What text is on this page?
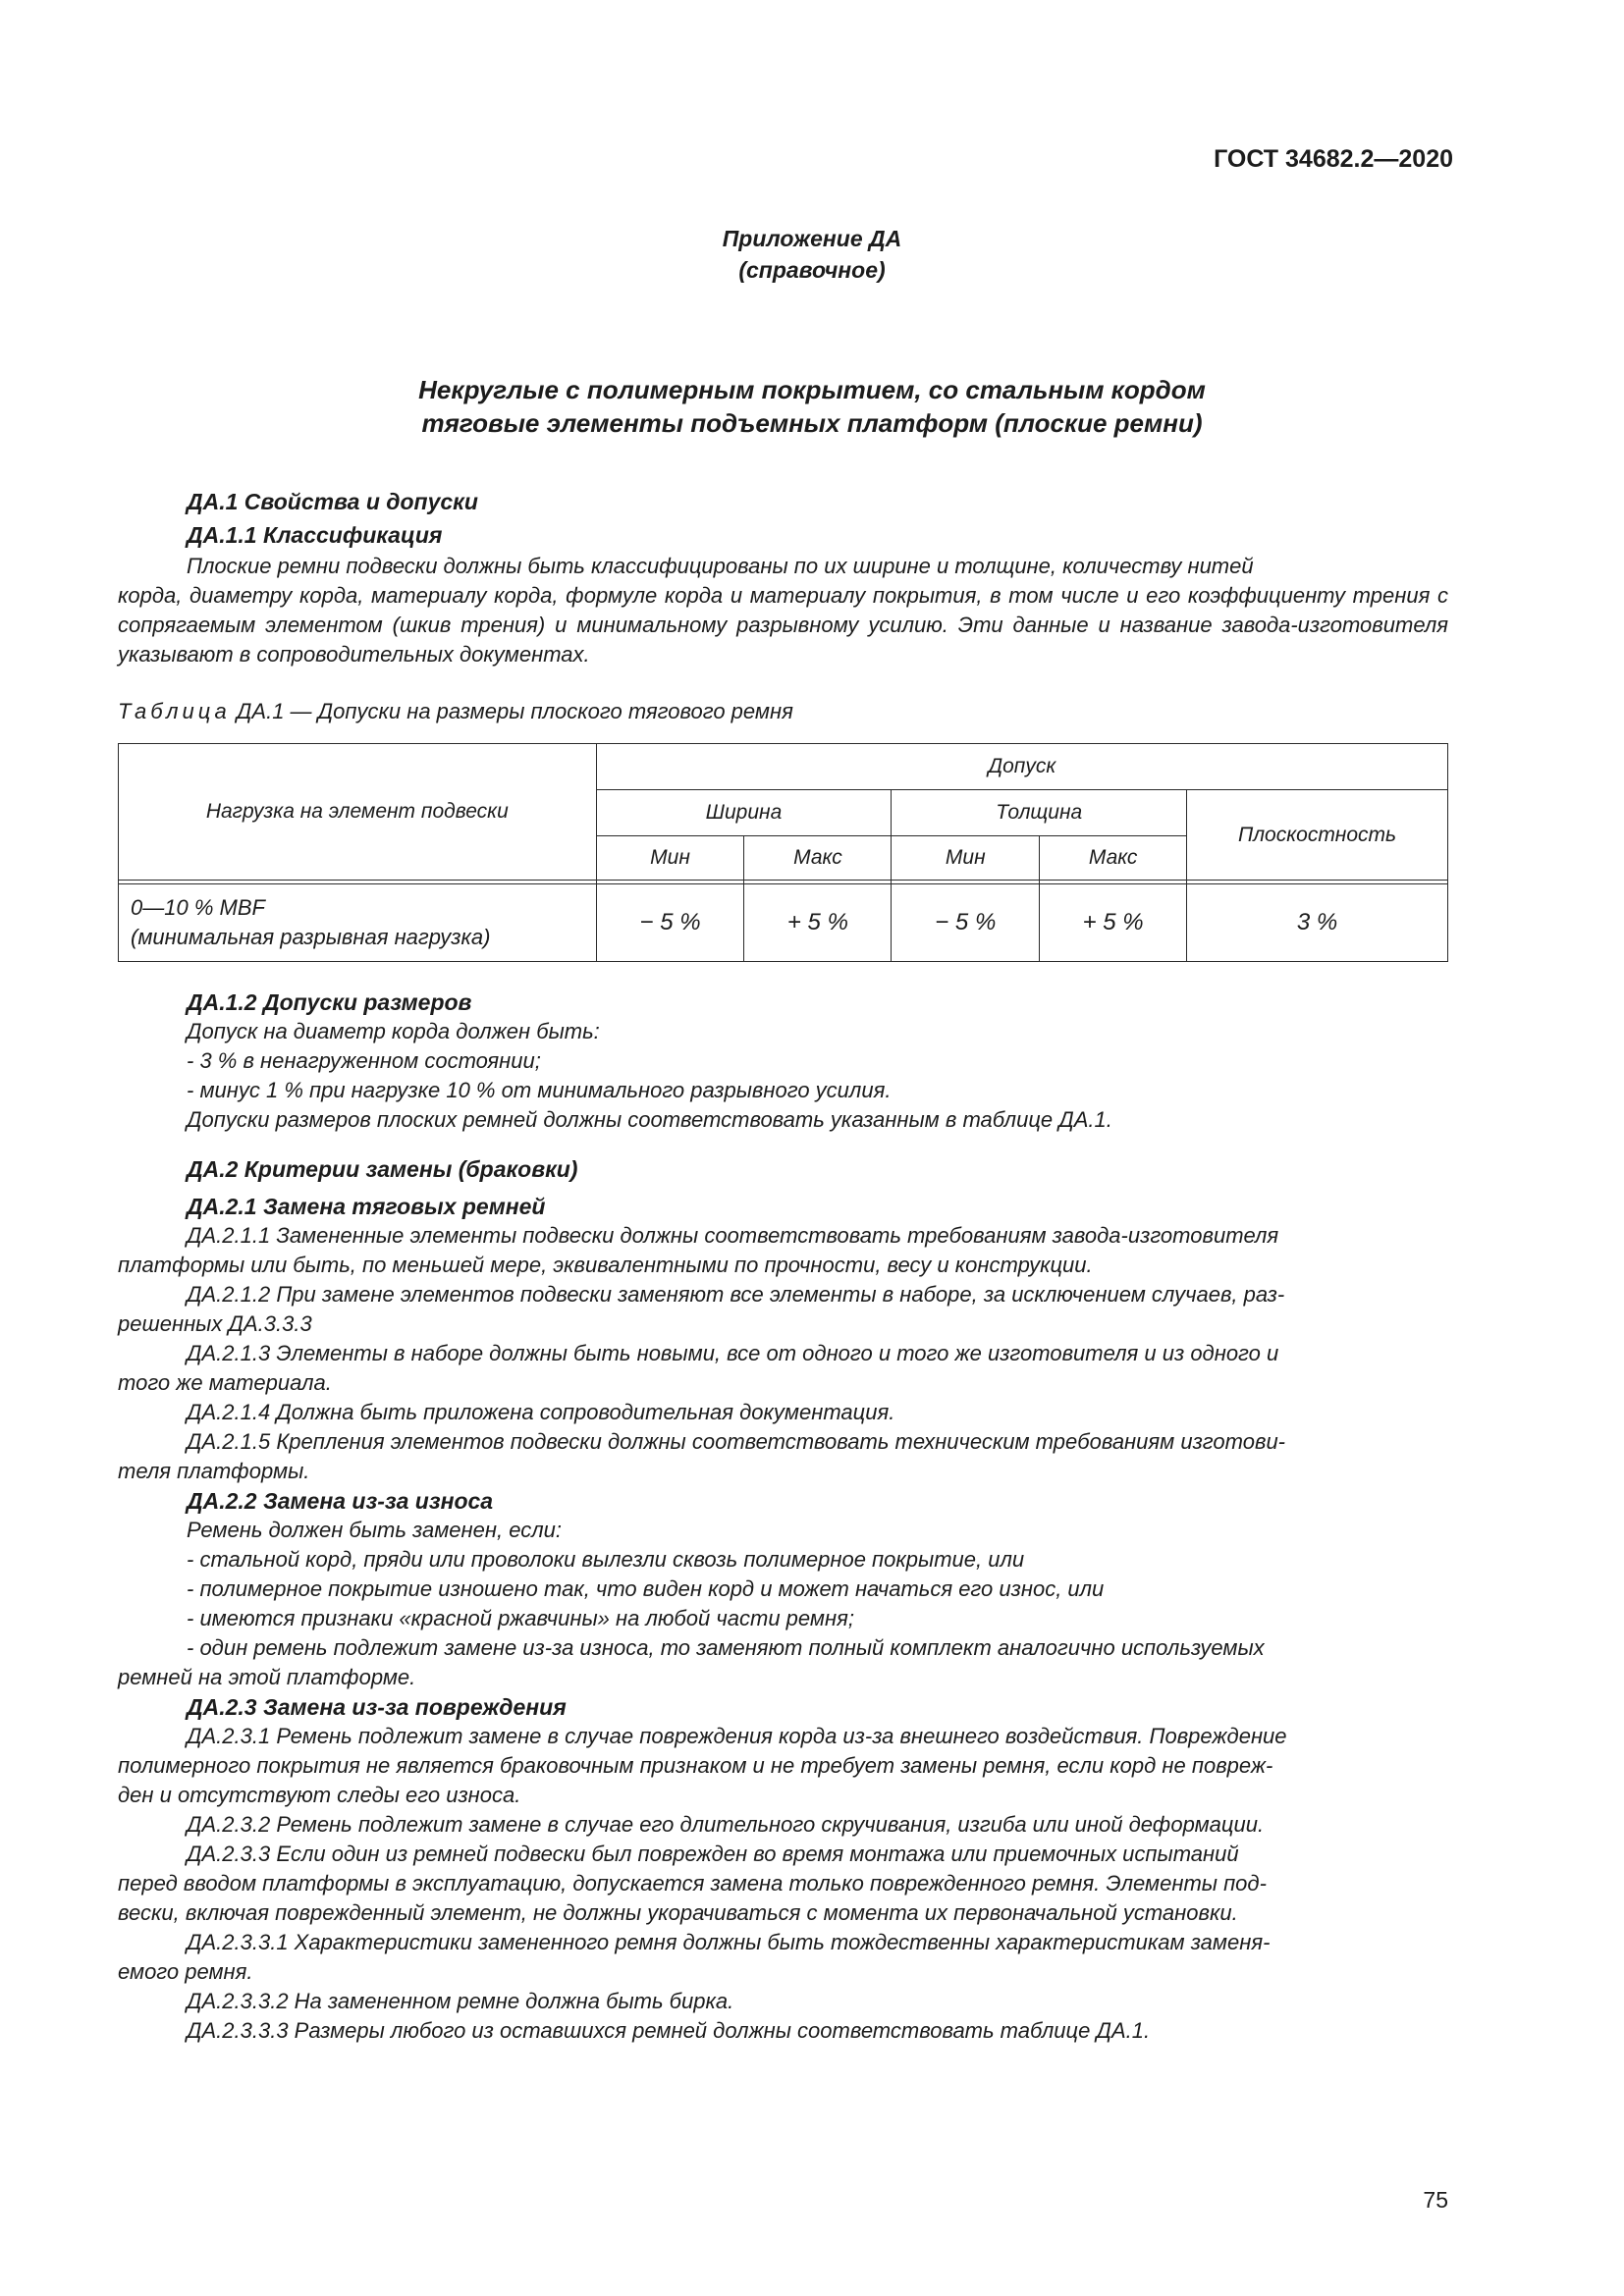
ГОСТ 34682.2—2020
Приложение ДА
(справочное)
Некруглые с полимерным покрытием, со стальным кордом
тяговые элементы подъемных платформ (плоские ремни)
ДА.1 Свойства и допуски
ДА.1.1 Классификация
Плоские ремни подвески должны быть классифицированы по их ширине и толщине, количеству нитей
корда, диаметру корда, материалу корда, формуле корда и материалу покрытия, в том числе и его коэффициенту трения с сопрягаемым элементом (шкив трения) и минимальному разрывному усилию. Эти данные и название завода-изготовителя указывают в сопроводительных документах.
Таблица ДА.1 — Допуски на размеры плоского тягового ремня
Нагрузка на элемент подвески	Допуск				
	Ширина		Толщина		Плоскостность
	Мин	Макс	Мин	Макс	

0—10 % MBF
(минимальная разрывная нагрузка)	− 5 %	+ 5 %	− 5 %	+ 5 %	3 %
ДА.1.2 Допуски размеров
Допуск на диаметр корда должен быть:
- 3 % в ненагруженном состоянии;
- минус 1 % при нагрузке 10 % от минимального разрывного усилия.
Допуски размеров плоских ремней должны соответствовать указанным в таблице ДА.1.
ДА.2 Критерии замены (браковки)
ДА.2.1 Замена тяговых ремней
ДА.2.1.1 Замененные элементы подвески должны соответствовать требованиям завода-изготовителя
платформы или быть, по меньшей мере, эквивалентными по прочности, весу и конструкции.
ДА.2.1.2 При замене элементов подвески заменяют все элементы в наборе, за исключением случаев, раз-
решенных ДА.3.3.3
ДА.2.1.3 Элементы в наборе должны быть новыми, все от одного и того же изготовителя и из одного и
того же материала.
ДА.2.1.4 Должна быть приложена сопроводительная документация.
ДА.2.1.5 Крепления элементов подвески должны соответствовать техническим требованиям изготови-
теля платформы.
ДА.2.2 Замена из-за износа
Ремень должен быть заменен, если:
- стальной корд, пряди или проволоки вылезли сквозь полимерное покрытие, или
- полимерное покрытие изношено так, что виден корд и может начаться его износ, или
- имеются признаки «красной ржавчины» на любой части ремня;
- один ремень подлежит замене из-за износа, то заменяют полный комплект аналогично используемых
ремней на этой платформе.
ДА.2.3 Замена из-за повреждения
ДА.2.3.1 Ремень подлежит замене в случае повреждения корда из-за внешнего воздействия. Повреждение
полимерного покрытия не является браковочным признаком и не требует замены ремня, если корд не повреж-
ден и отсутствуют следы его износа.
ДА.2.3.2 Ремень подлежит замене в случае его длительного скручивания, изгиба или иной деформации.
ДА.2.3.3 Если один из ремней подвески был поврежден во время монтажа или приемочных испытаний
перед вводом платформы в эксплуатацию, допускается замена только поврежденного ремня. Элементы под-
вески, включая поврежденный элемент, не должны укорачиваться с момента их первоначальной установки.
ДА.2.3.3.1 Характеристики замененного ремня должны быть тождественны характеристикам заменя-
емого ремня.
ДА.2.3.3.2 На замененном ремне должна быть бирка.
ДА.2.3.3.3 Размеры любого из оставшихся ремней должны соответствовать таблице ДА.1.
75
